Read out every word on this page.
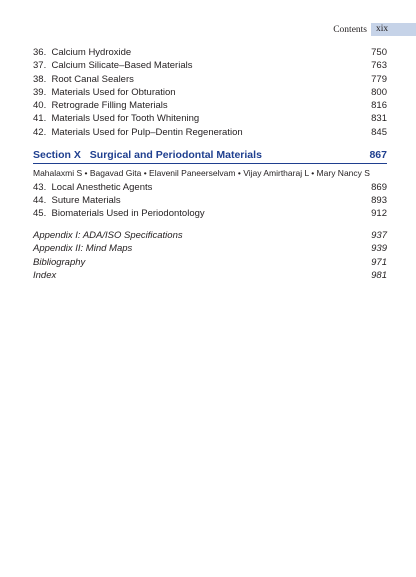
Contents xix
36. Calcium Hydroxide	750
37. Calcium Silicate–Based Materials	763
38. Root Canal Sealers	779
39. Materials Used for Obturation	800
40. Retrograde Filling Materials	816
41. Materials Used for Tooth Whitening	831
42. Materials Used for Pulp–Dentin Regeneration	845
Section X Surgical and Periodontal Materials	867
Mahalaxmi S • Bagavad Gita • Elavenil Paneerselvam • Vijay Amirtharaj L • Mary Nancy S
43. Local Anesthetic Agents	869
44. Suture Materials	893
45. Biomaterials Used in Periodontology	912
Appendix I: ADA/ISO Specifications	937
Appendix II: Mind Maps	939
Bibliography	971
Index	981
